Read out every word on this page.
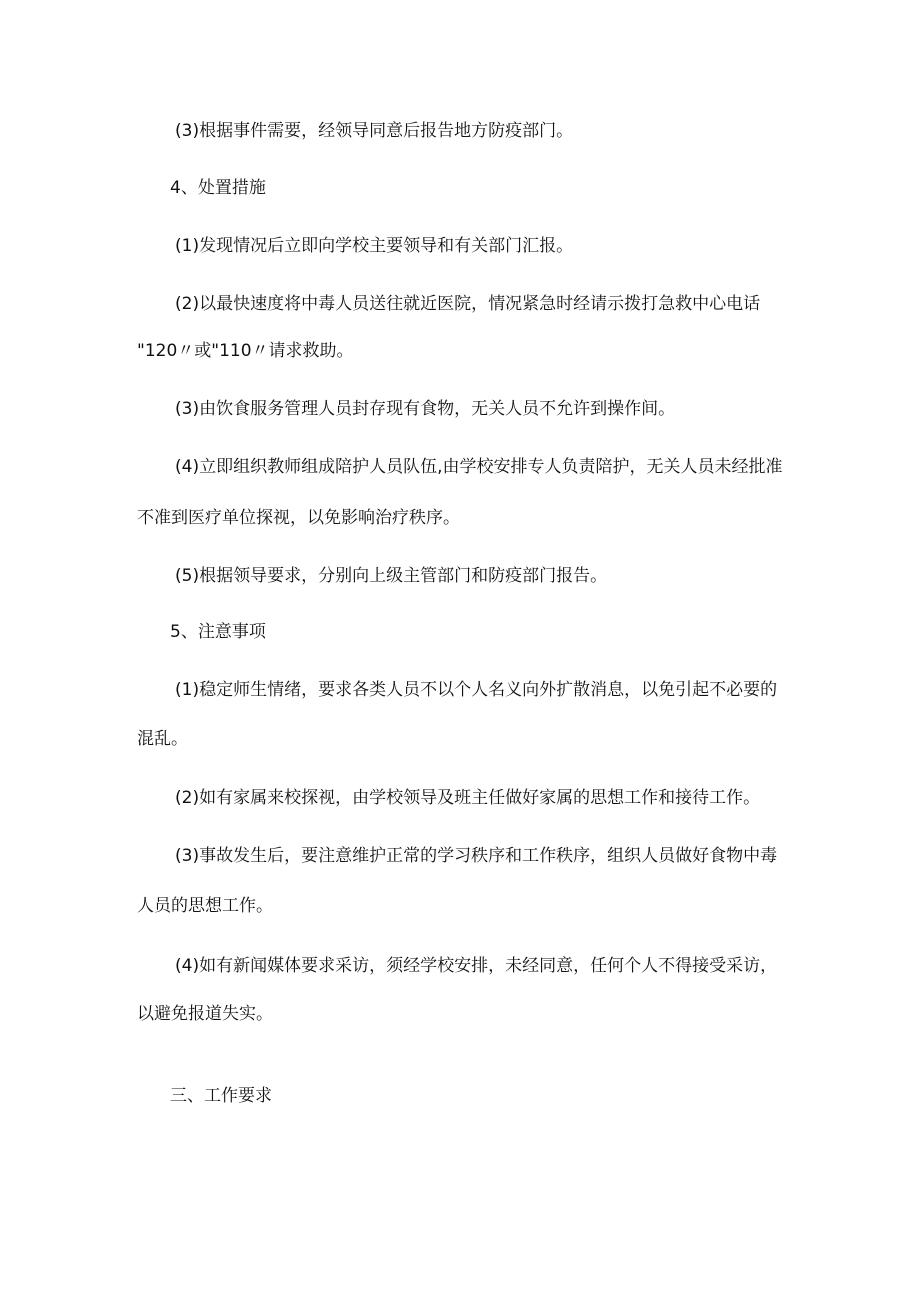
(3)根据事件需要，经领导同意后报告地方防疫部门。
4、处置措施
(1)发现情况后立即向学校主要领导和有关部门汇报。
(2)以最快速度将中毒人员送往就近医院，情况紧急时经请示拨打急救中心电话
"120〃或"110〃请求救助。
(3)由饮食服务管理人员封存现有食物，无关人员不允许到操作间。
(4)立即组织教师组成陪护人员队伍,由学校安排专人负责陪护，无关人员未经批准
不准到医疗单位探视，以免影响治疗秩序。
(5)根据领导要求，分别向上级主管部门和防疫部门报告。
5、注意事项
(1)稳定师生情绪，要求各类人员不以个人名义向外扩散消息，以免引起不必要的
混乱。
(2)如有家属来校探视，由学校领导及班主任做好家属的思想工作和接待工作。
(3)事故发生后，要注意维护正常的学习秩序和工作秩序，组织人员做好食物中毒
人员的思想工作。
(4)如有新闻媒体要求采访，须经学校安排，未经同意，任何个人不得接受采访，
以避免报道失实。
三、工作要求
